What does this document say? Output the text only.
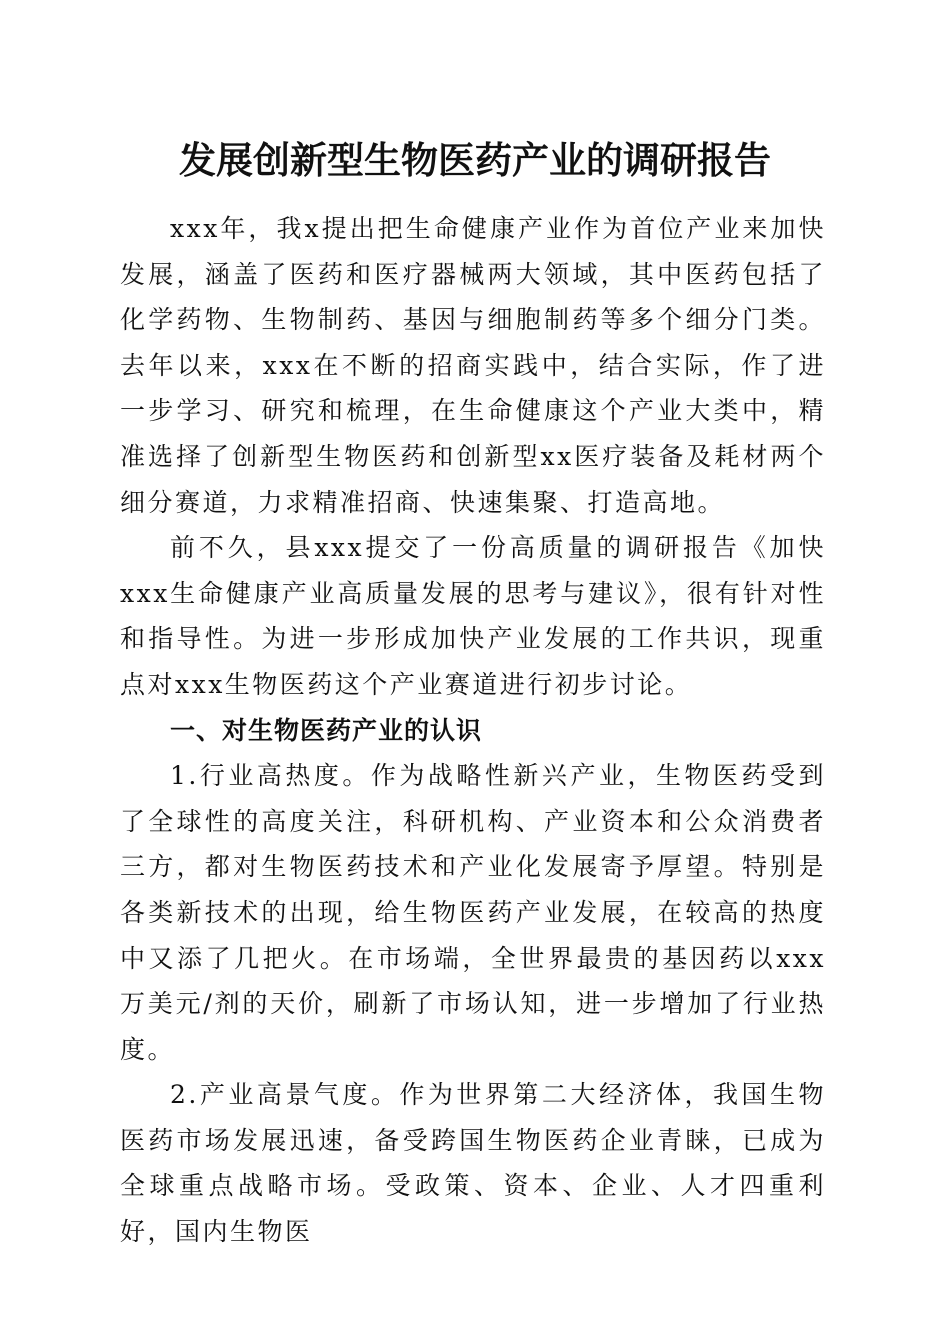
发展创新型生物医药产业的调研报告

xxx年，我x提出把生命健康产业作为首位产业来加快发展，涵盖了医药和医疗器械两大领域，其中医药包括了化学药物、生物制药、基因与细胞制药等多个细分门类。去年以来，xxx在不断的招商实践中，结合实际，作了进一步学习、研究和梳理，在生命健康这个产业大类中，精准选择了创新型生物医药和创新型xx医疗装备及耗材两个细分赛道，力求精准招商、快速集聚、打造高地。

前不久，县xxx提交了一份高质量的调研报告《加快xxx生命健康产业高质量发展的思考与建议》，很有针对性和指导性。为进一步形成加快产业发展的工作共识，现重点对xxx生物医药这个产业赛道进行初步讨论。

一、对生物医药产业的认识

1.行业高热度。作为战略性新兴产业，生物医药受到了全球性的高度关注，科研机构、产业资本和公众消费者三方，都对生物医药技术和产业化发展寄予厚望。特别是各类新技术的出现，给生物医药产业发展，在较高的热度中又添了几把火。在市场端，全世界最贵的基因药以xxx万美元/剂的天价，刷新了市场认知，进一步增加了行业热度。

2.产业高景气度。作为世界第二大经济体，我国生物医药市场发展迅速，备受跨国生物医药企业青睐，已成为全球重点战略市场。受政策、资本、企业、人才四重利好，国内生物医
